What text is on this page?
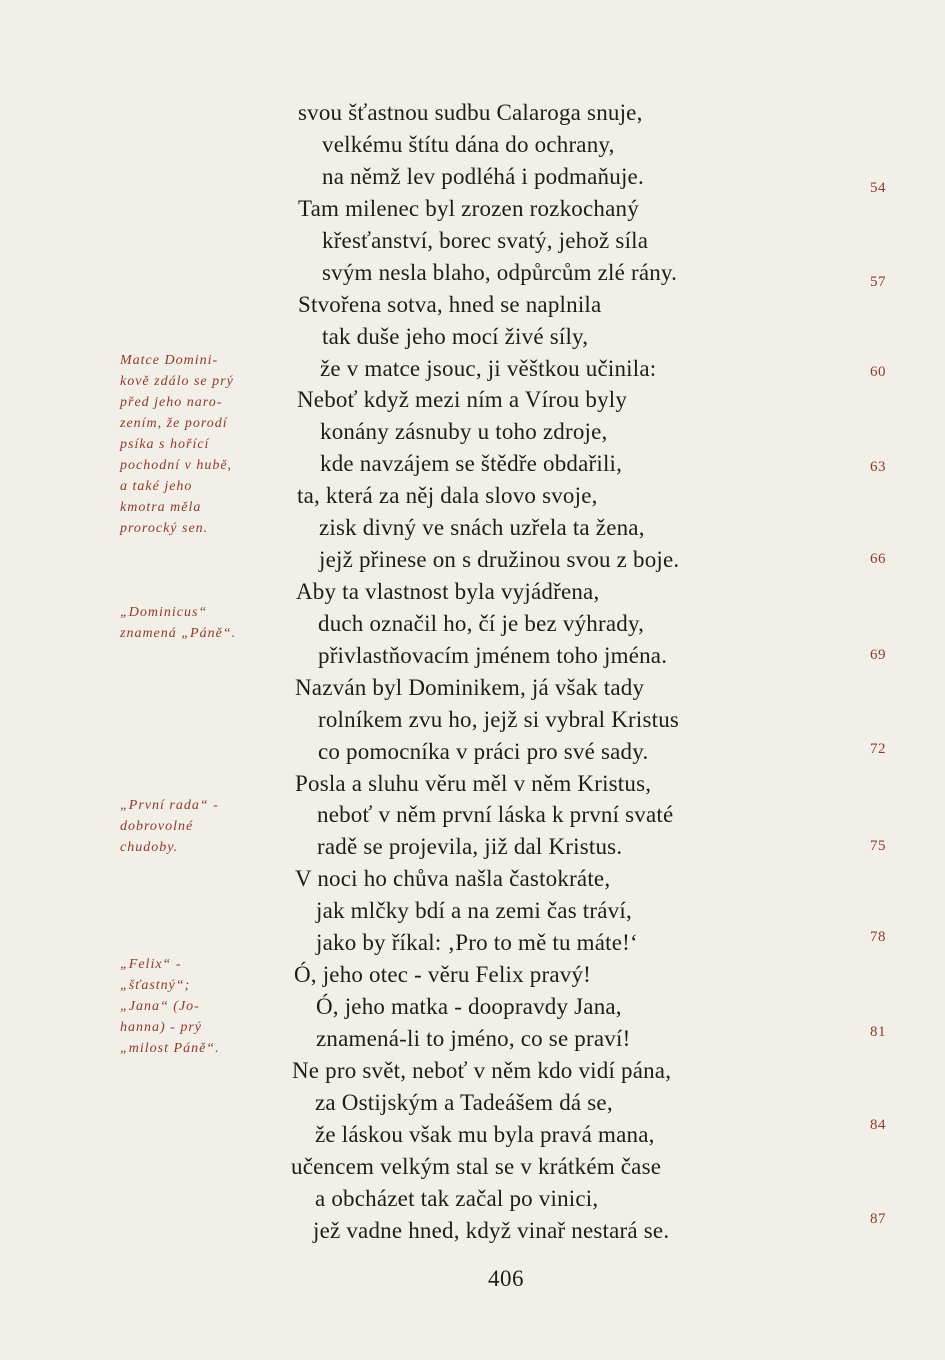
svou šťastnou sudbu Calaroga snuje,
velkému štítu dána do ochrany,
na němž lev podléhá i podmaňuje.
Tam milenec byl zrozen rozkochaný
křesťanství, borec svatý, jehož síla
svým nesla blaho, odpůrcům zlé rány.
Stvořena sotva, hned se naplnila
tak duše jeho mocí živé síly,
že v matce jsouc, ji věštkou učinila:
Neboť když mezi ním a Vírou byly
konány zásnuby u toho zdroje,
kde navzájem se štědře obdařili,
ta, která za něj dala slovo svoje,
zisk divný ve snách uzřela ta žena,
jejž přinese on s družinou svou z boje.
Aby ta vlastnost byla vyjádřena,
duch označil ho, čí je bez výhrady,
přivlastňovacím jménem toho jména.
Nazván byl Dominikem, já však tady
rolníkem zvu ho, jejž si vybral Kristus
co pomocníka v práci pro své sady.
Posla a sluhu věru měl v něm Kristus,
neboť v něm první láska k první svaté
radě se projevila, již dal Kristus.
V noci ho chůva našla častokráte,
jak mlčky bdí a na zemi čas tráví,
jako by říkal: ‚Pro to mě tu máte!‘
Ó, jeho otec - věru Felix pravý!
Ó, jeho matka - doopravdy Jana,
znamená-li to jméno, co se praví!
Ne pro svět, neboť v něm kdo vidí pána,
za Ostijským a Tadeášem dá se,
že láskou však mu byla pravá mana,
učencem velkým stal se v krátkém čase
a obcházet tak začal po vinici,
jež vadne hned, když vinař nestará se.
54
57
60
63
66
69
72
75
78
81
84
87
Matce Domini-
kově zdálo se prý
před jeho naro-
zením, že porodí
psíka s hořící
pochodní v hubě,
a také jeho
kmotra měla
prorocký sen.
„Dominicus“
znamená „Páně“.
„První rada“ -
dobrovolné
chudoby.
„Felix“ -
„šťastný“;
„Jana“ (Jo-
hanna) - prý
„milost Páně“.
406
